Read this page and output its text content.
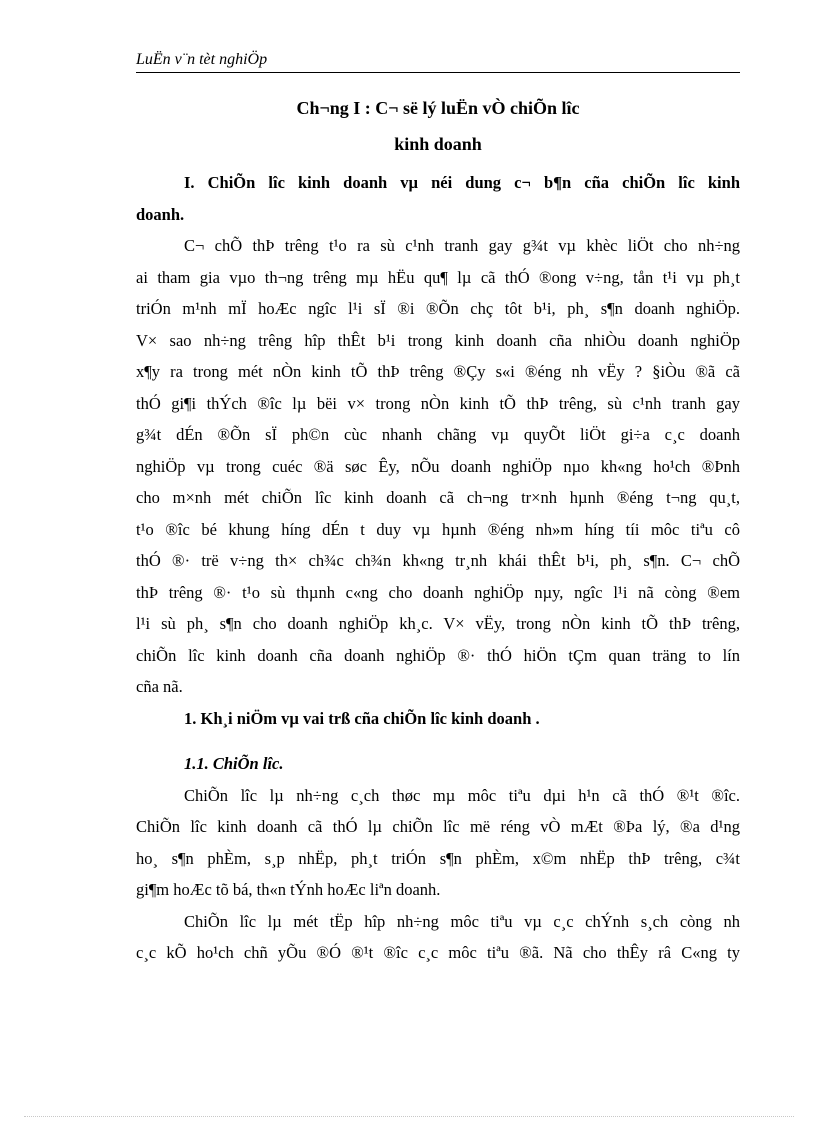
LuËn v¨n tèt nghiÖp
Ch¬ng I : C¬ së lý luËn vÒ chiÕn lîc
kinh doanh
I. ChiÕn lîc kinh doanh vµ néi dung c¬ b¶n cña chiÕn lîc kinh
doanh.
C¬ chÕ thÞ trêng t¹o ra sù c¹nh tranh gay g¾t vµ khèc liÖt cho nh÷ng
ai tham gia vµo th¬ng trêng mµ hËu qu¶ lµ cã thÓ ®ong v÷ng, tån t¹i vµ ph¸t
triÓn m¹nh mÏ hoÆc ngîc l¹i sÏ ®i ®Õn chç tôt b¹i, ph¸ s¶n doanh nghiÖp.
V× sao nh÷ng trêng hîp thÊt b¹i trong kinh doanh cña nhiÒu doanh nghiÖp
x¶y ra trong mét nÒn kinh tÕ thÞ trêng ®Çy s«i ®éng nh vËy ? §iÒu ®ã cã
thÓ gi¶i thÝch ®îc lµ bëi v× trong nÒn kinh tÕ thÞ trêng, sù c¹nh tranh gay
g¾t dÉn ®Õn sÏ ph©n cùc nhanh chãng vµ quyÕt liÖt gi÷a c¸c doanh
nghiÖp vµ trong cuéc ®ä søc Êy, nÕu doanh nghiÖp nµo kh«ng ho¹ch ®Þnh
cho m×nh mét chiÕn lîc kinh doanh cã ch¬ng tr×nh hµnh ®éng t¬ng qu¸t,
t¹o ®îc bé khung híng dÉn t duy vµ hµnh ®éng nh»m híng tíi môc tiªu cô
thÓ ®· trë v÷ng th× ch¾c ch¾n kh«ng tr¸nh khái thÊt b¹i, ph¸ s¶n. C¬ chÕ
thÞ trêng ®· t¹o sù thµnh c«ng cho doanh nghiÖp nµy, ngîc l¹i nã còng ®em
l¹i sù ph¸ s¶n cho doanh nghiÖp kh¸c. V× vËy, trong nÒn kinh tÕ thÞ trêng,
chiÕn lîc kinh doanh cña doanh nghiÖp ®· thÓ hiÖn tÇm quan träng to lín
cña nã.
1. Kh¸i niÖm vµ vai trß cña chiÕn lîc kinh doanh .
1.1. ChiÕn lîc.
ChiÕn lîc lµ nh÷ng c¸ch thøc mµ môc tiªu dµi h¹n cã thÓ ®¹t ®îc.
ChiÕn lîc kinh doanh cã thÓ lµ chiÕn lîc më réng vÒ mÆt ®Þa lý, ®a d¹ng
ho¸ s¶n phÈm, s¸p nhËp, ph¸t triÓn s¶n phÈm, x©m nhËp thÞ trêng, c¾t
gi¶m hoÆc tõ bá, th«n tÝnh hoÆc liªn doanh.
ChiÕn lîc lµ mét tËp hîp nh÷ng môc tiªu vµ c¸c chÝnh s¸ch còng nh
c¸c kÕ ho¹ch chñ yÕu ®Ó ®¹t ®îc c¸c môc tiªu ®ã. Nã cho thÊy râ C«ng ty
